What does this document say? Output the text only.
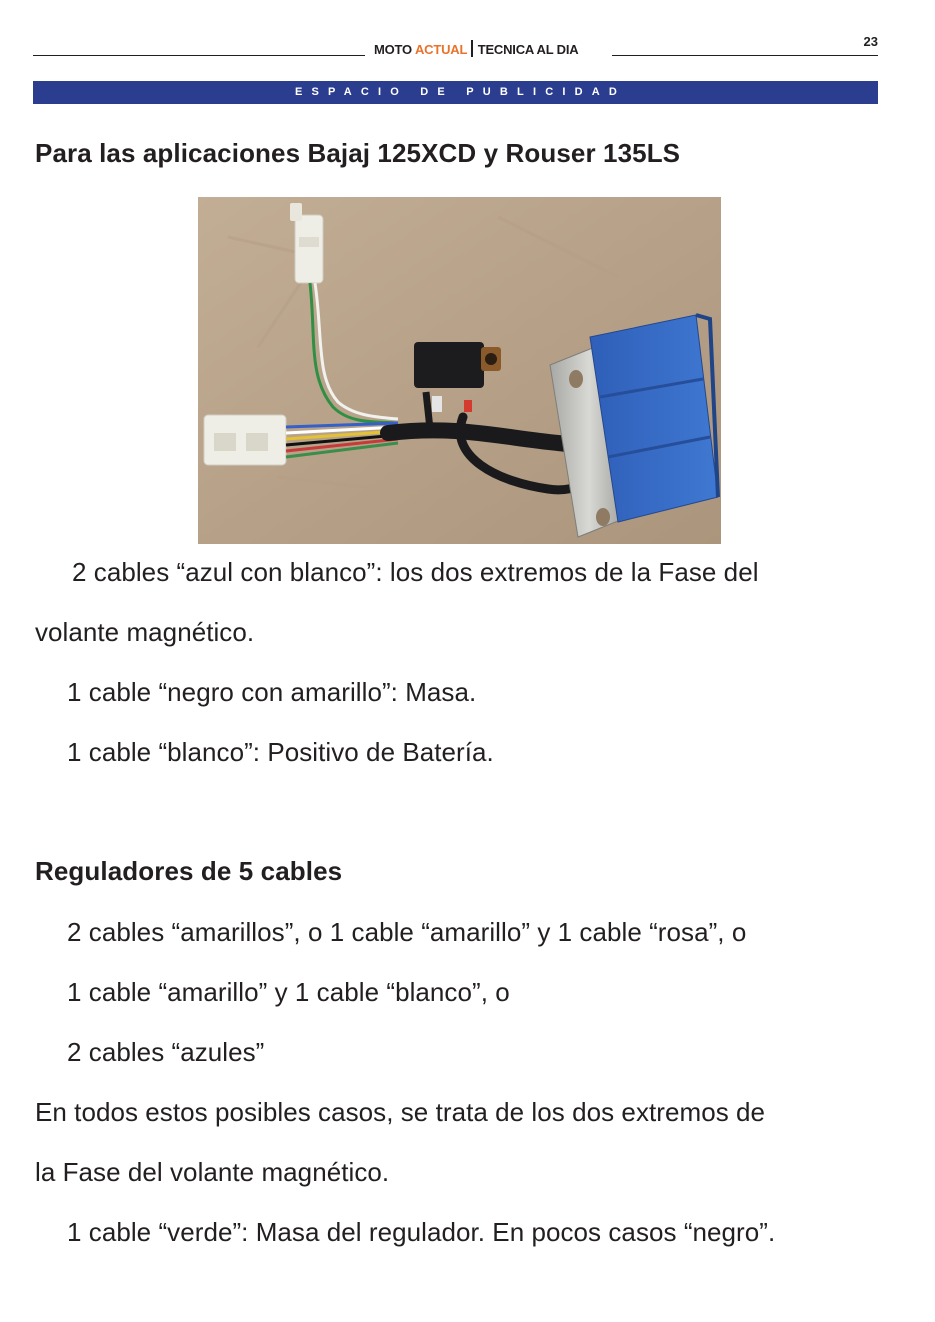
MOTO ACTUAL TECNICA AL DIA
23
ESPACIO DE PUBLICIDAD
Para las aplicaciones Bajaj 125XCD y Rouser 135LS

2 cables “azul con blanco”: los dos extremos de la Fase del

volante magnético.

1 cable “negro con amarillo”: Masa.

1 cable “blanco”: Positivo de Batería.

Reguladores de 5 cables

2 cables “amarillos”, o 1 cable “amarillo” y 1 cable “rosa”, o

1 cable “amarillo” y 1 cable “blanco”, o

2 cables “azules”

En todos estos posibles casos, se trata de los dos extremos de

la Fase del volante magnético.

1 cable “verde”: Masa del regulador. En pocos casos “negro”.
